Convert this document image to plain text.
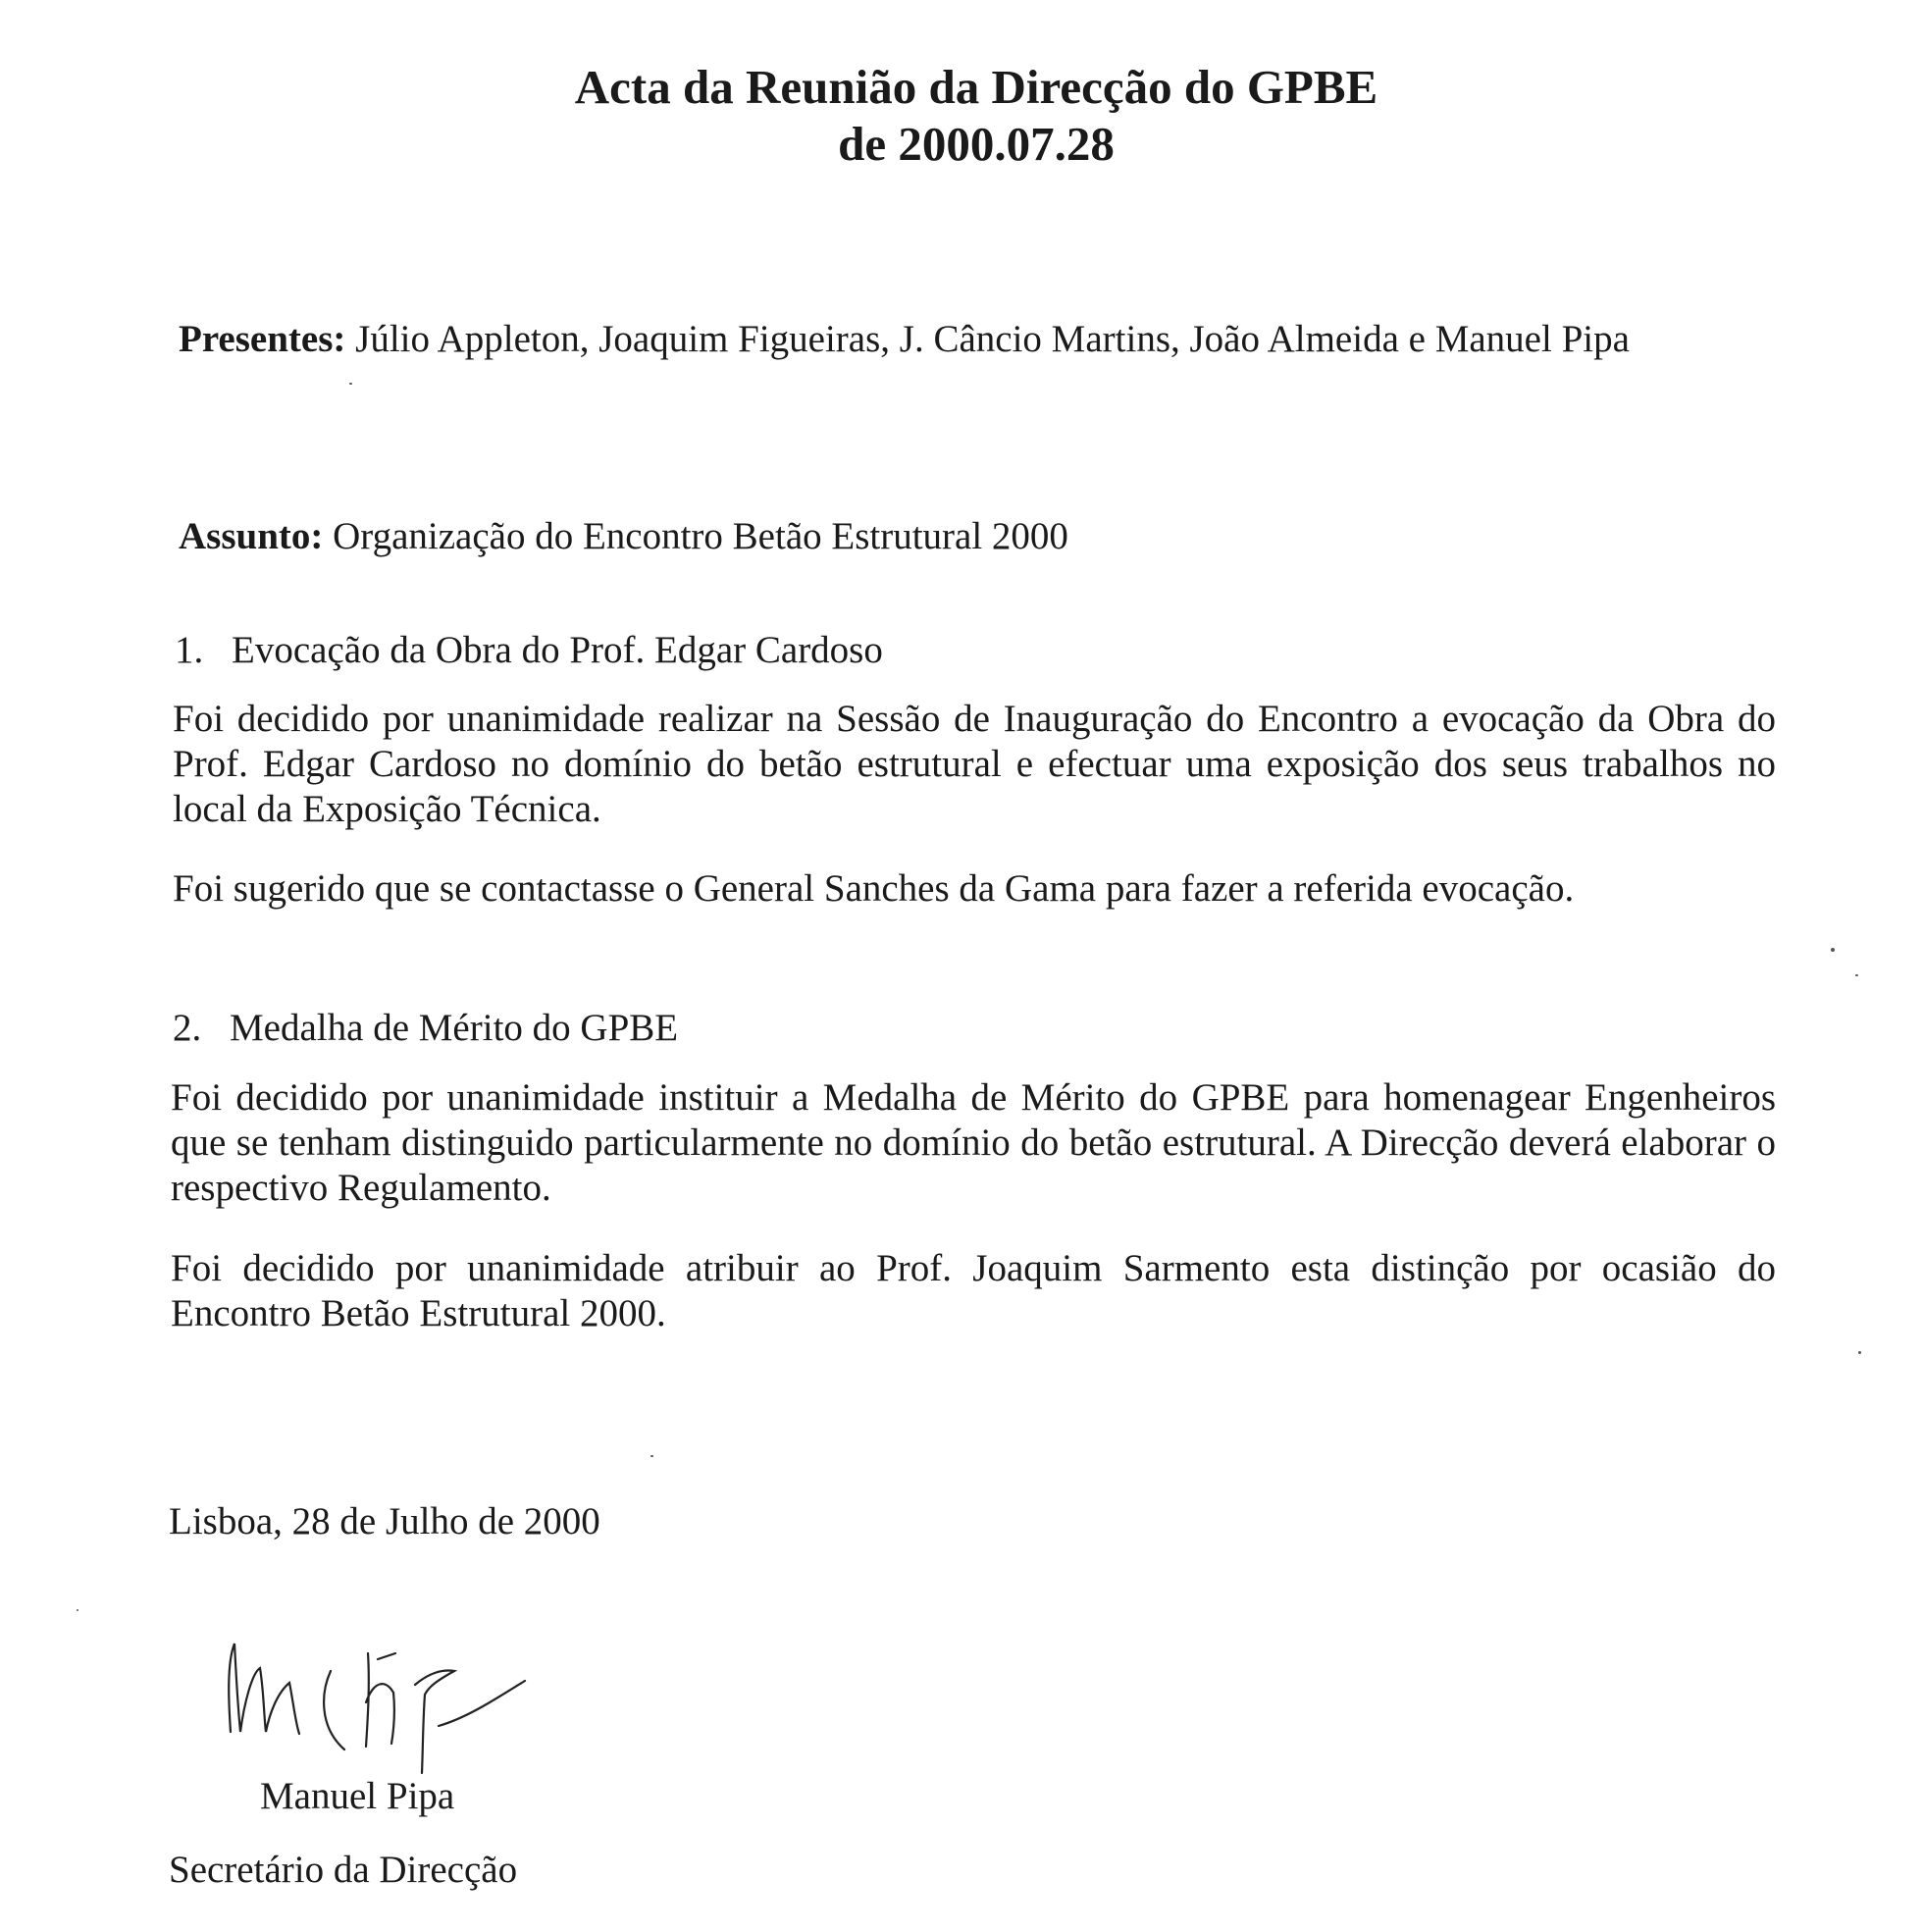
Acta da Reunião da Direcção do GPBE
de 2000.07.28
Presentes: Júlio Appleton, Joaquim Figueiras, J. Câncio Martins, João Almeida e Manuel Pipa
Assunto: Organização do Encontro Betão Estrutural 2000
1. Evocação da Obra do Prof. Edgar Cardoso
Foi decidido por unanimidade realizar na Sessão de Inauguração do Encontro a evocação da Obra do Prof. Edgar Cardoso no domínio do betão estrutural e efectuar uma exposição dos seus trabalhos no local da Exposição Técnica.
Foi sugerido que se contactasse o General Sanches da Gama para fazer a referida evocação.
2. Medalha de Mérito do GPBE
Foi decidido por unanimidade instituir a Medalha de Mérito do GPBE para homenagear Engenheiros que se tenham distinguido particularmente no domínio do betão estrutural. A Direcção deverá elaborar o respectivo Regulamento.
Foi decidido por unanimidade atribuir ao Prof. Joaquim Sarmento esta distinção por ocasião do Encontro Betão Estrutural 2000.
Lisboa, 28 de Julho de 2000
Manuel Pipa
Secretário da Direcção
